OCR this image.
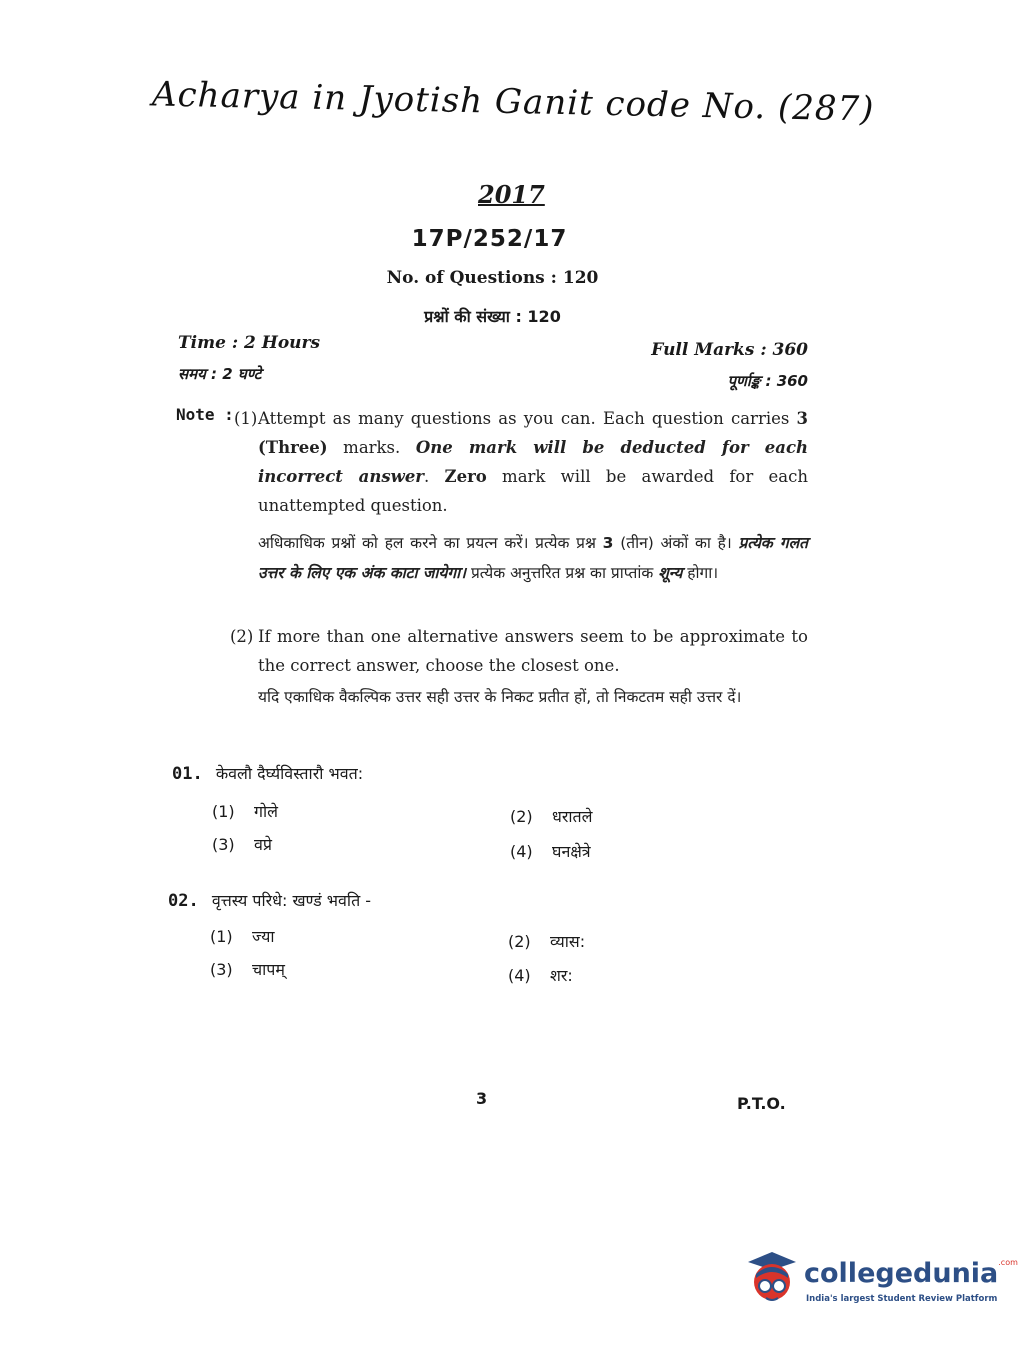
Acharya in Jyotish Ganit code No. (287)
2017
17P/252/17
No. of Questions : 120
प्रश्नों की संख्या : 120
Time : 2 Hours
समय : 2 घण्टे
Full Marks : 360
पूर्णाङ्क : 360
Note : (1) Attempt as many questions as you can. Each question carries 3 (Three) marks. One mark will be deducted for each incorrect answer. Zero mark will be awarded for each unattempted question.
अधिकाधिक प्रश्नों को हल करने का प्रयत्न करें। प्रत्येक प्रश्न 3 (तीन) अंकों का है। प्रत्येक गलत उत्तर के लिए एक अंक काटा जायेगा। प्रत्येक अनुत्तरित प्रश्न का प्राप्तांक शून्य होगा।
(2) If more than one alternative answers seem to be approximate to the correct answer, choose the closest one.
यदि एकाधिक वैकल्पिक उत्तर सही उत्तर के निकट प्रतीत हों, तो निकटतम सही उत्तर दें।
01. केवलौ दैर्घ्यविस्तारौ भवत:
(1) गोले	(2) धरातले
(3) वप्रे	(4) घनक्षेत्रे
02. वृत्तस्य परिधे: खण्डं भवति -
(1) ज्या	(2) व्यास:
(3) चापम्	(4) शर:
3	P.T.O.
collegedunia$^{.com}$
India's largest Student Review Platform
